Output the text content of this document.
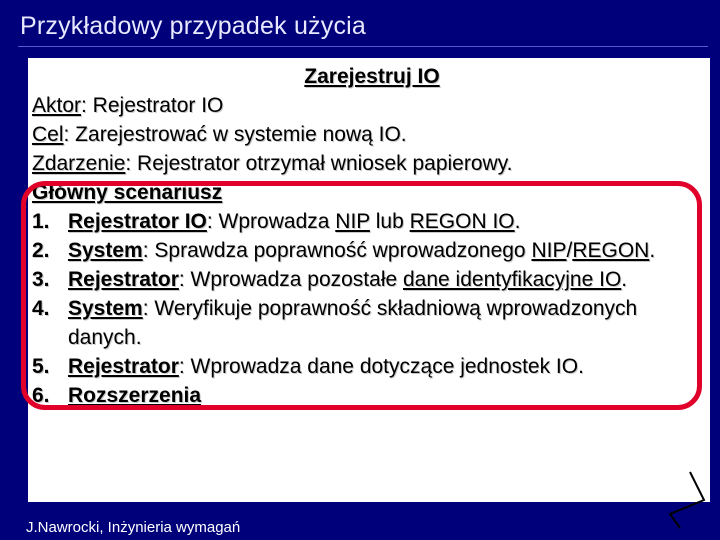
Przykładowy przypadek użycia
Zarejestruj IO
Aktor: Rejestrator IO
Cel: Zarejestrować w systemie nową IO.
Zdarzenie: Rejestrator otrzymał wniosek papierowy.
Główny scenariusz
1. Rejestrator IO: Wprowadza NIP lub REGON IO.
2. System: Sprawdza poprawność wprowadzonego NIP/REGON.
3. Rejestrator: Wprowadza pozostałe dane identyfikacyjne IO.
4. System: Weryfikuje poprawność składniową wprowadzonych danych.
5. Rejestrator: Wprowadza dane dotyczące jednostek IO.
6. Rozszerzenia
J.Nawrocki, Inżynieria wymagań
